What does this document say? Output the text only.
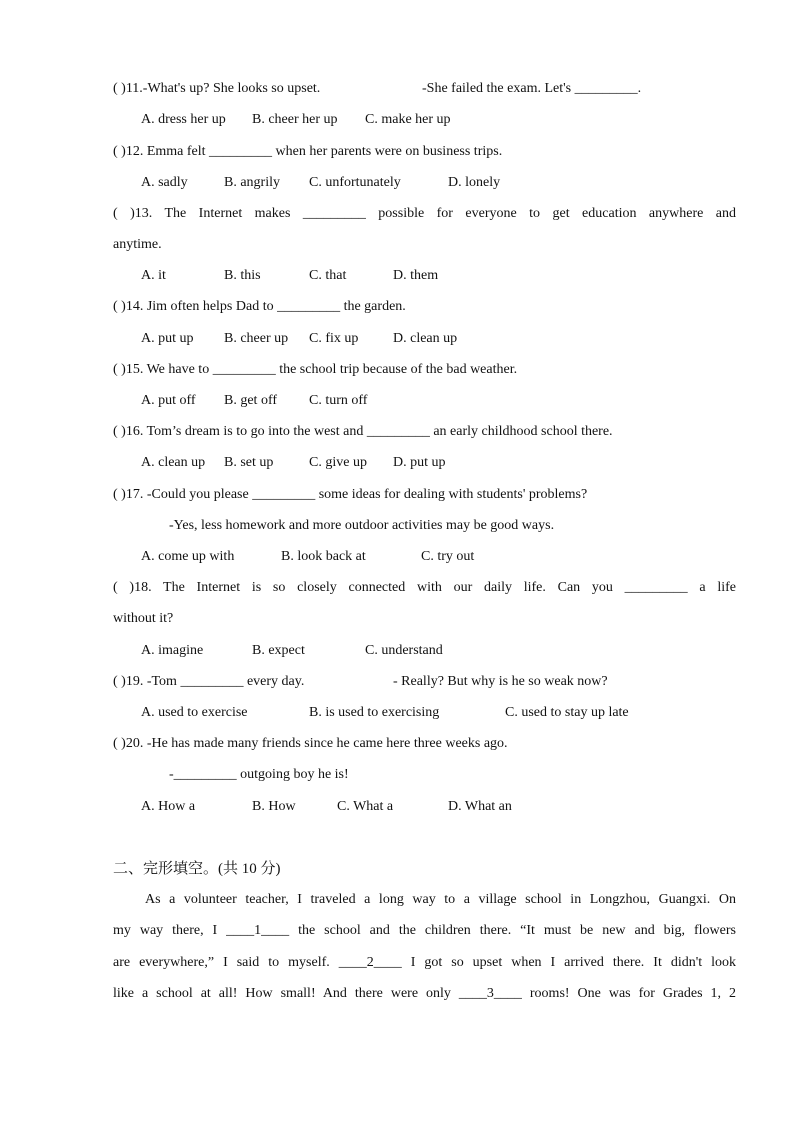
( )11.-What's up? She looks so upset.	-She failed the exam. Let's _________.
A. dress her up B. cheer her up C. make her up
( )12. Emma felt _________ when her parents were on business trips.
A. sadly	B. angrily C. unfortunately	D. lonely
( )13. The Internet makes _________ possible for everyone to get education anywhere and
anytime.
A. it	B. this	C. that	D. them
( )14. Jim often helps Dad to _________ the garden.
A. put up B. cheer up C. fix up D. clean up
( )15. We have to _________ the school trip because of the bad weather.
A. put off B. get off C. turn off
( )16. Tom’s dream is to go into the west and _________ an early childhood school there.
A. clean up B. set up	C. give up D. put up
( )17. -Could you please _________ some ideas for dealing with students' problems?
-Yes, less homework and more outdoor activities may be good ways.
A. come up with	B. look back at	C. try out
( )18. The Internet is so closely connected with our daily life. Can you _________ a life
without it?
A. imagine	B. expect	C. understand
( )19. -Tom _________ every day.	- Really? But why is he so weak now?
A. used to exercise	B. is used to exercising	C. used to stay up late
( )20. -He has made many friends since he came here three weeks ago.
-_________ outgoing boy he is!
A. How a	B. How	C. What a	D. What an
二、完形填空。(共 10 分)
As a volunteer teacher, I traveled a long way to a village school in Longzhou, Guangxi. On
my way there, I ____1____ the school and the children there. “It must be new and big, flowers
are everywhere,” I said to myself. ____2____ I got so upset when I arrived there. It didn't look
like a school at all! How small! And there were only ____3____ rooms! One was for Grades 1, 2
